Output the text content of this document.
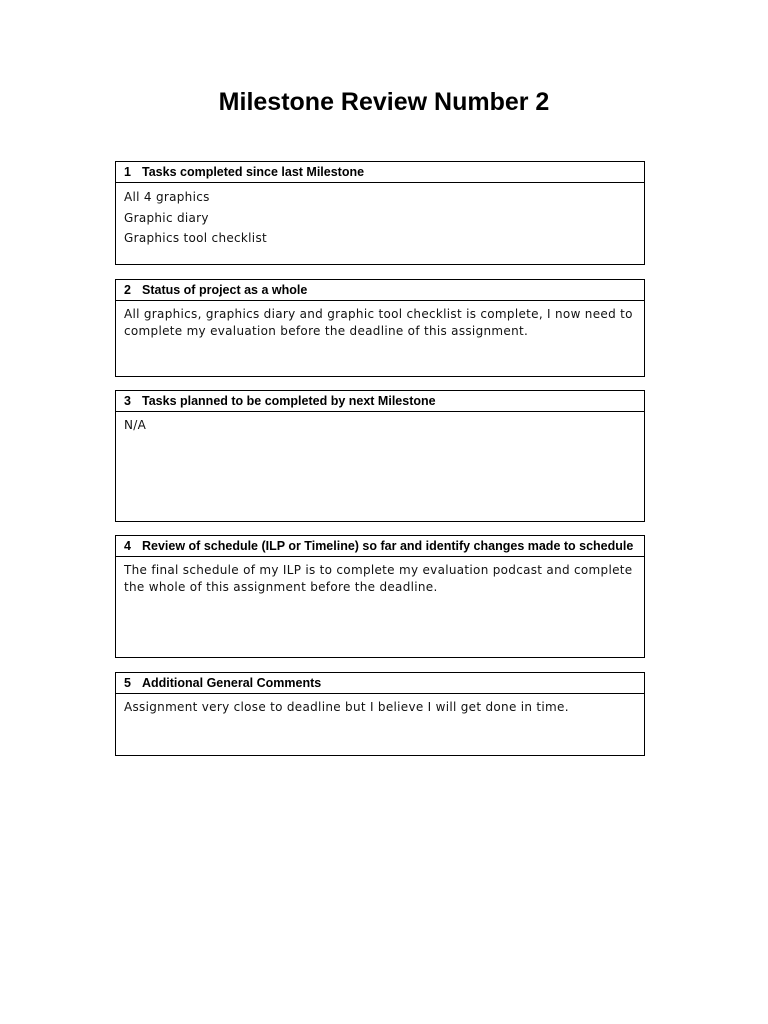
Milestone Review Number 2
1 Tasks completed since last Milestone
All 4 graphics
Graphic diary
Graphics tool checklist
2 Status of project as a whole
All graphics, graphics diary and graphic tool checklist is complete, I now need to complete my evaluation before the deadline of this assignment.
3 Tasks planned to be completed by next Milestone
N/A
4 Review of schedule (ILP or Timeline) so far and identify changes made to schedule
The final schedule of my ILP is to complete my evaluation podcast and complete the whole of this assignment before the deadline.
5 Additional General Comments
Assignment very close to deadline but I believe I will get done in time.
